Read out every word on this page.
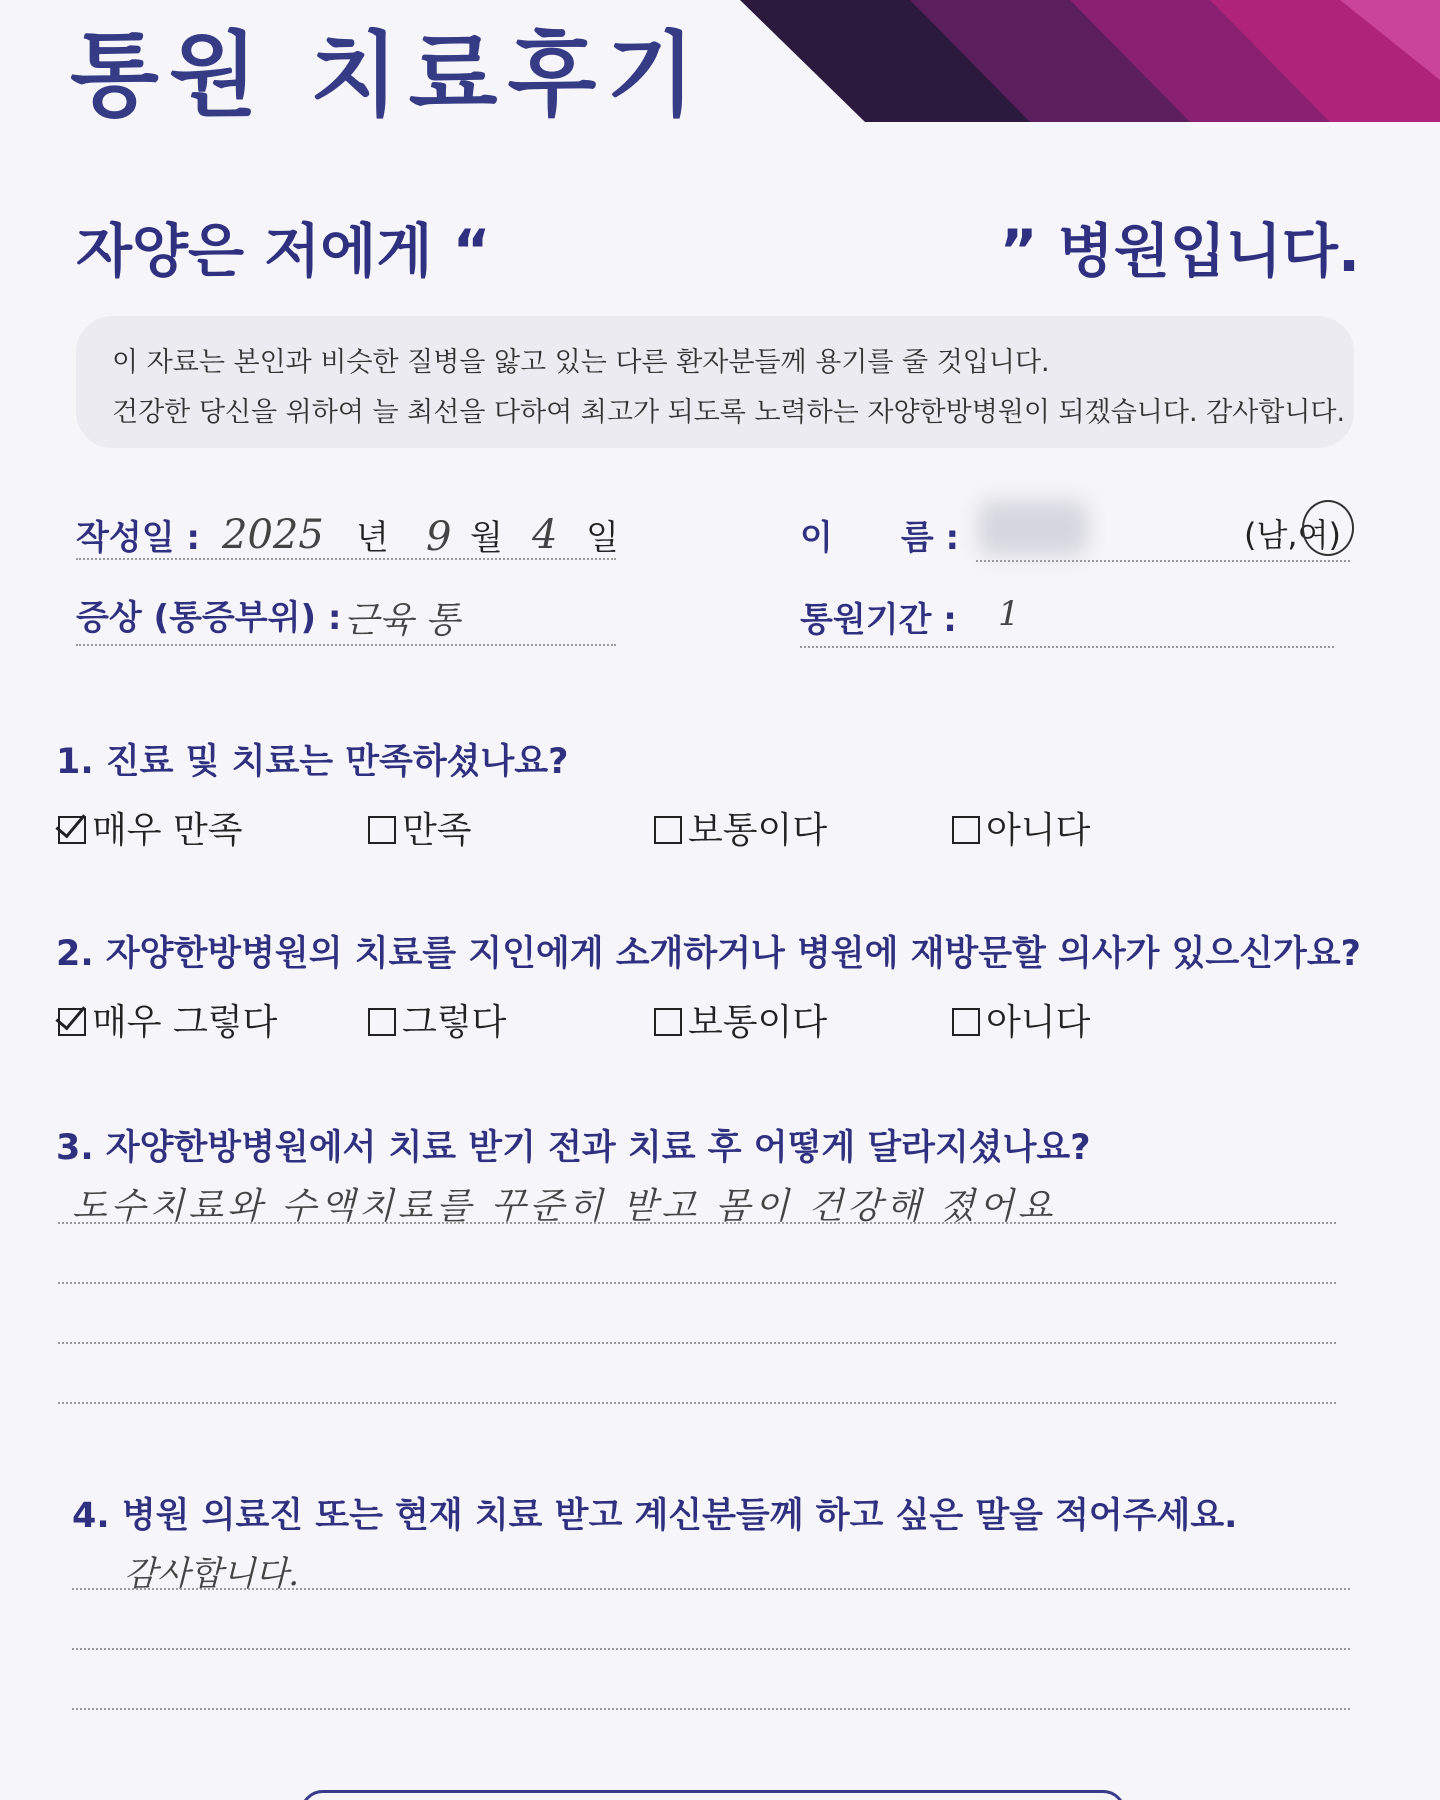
통원 치료후기
자양은 저에게 “	” 병원입니다.
이 자료는 본인과 비슷한 질병을 앓고 있는 다른 환자분들께 용기를 줄 것입니다.
건강한 당신을 위하여 늘 최선을 다하여 최고가 되도록 노력하는 자양한방병원이 되겠습니다. 감사합니다.
작성일 : 2025 년 9 월 4 일	이　　름 :	(남,여)
증상 (통증부위) : 근육 통	통원기간 : 1
1. 진료 및 치료는 만족하셨나요?
매우 만족	만족	보통이다	아니다
2. 자양한방병원의 치료를 지인에게 소개하거나 병원에 재방문할 의사가 있으신가요?
매우 그렇다	그렇다	보통이다	아니다
3. 자양한방병원에서 치료 받기 전과 치료 후 어떻게 달라지셨나요?
도수치료와 수액치료를 꾸준히 받고 몸이 건강해 졌어요
4. 병원 의료진 또는 현재 치료 받고 계신분들께 하고 싶은 말을 적어주세요.
감사합니다.
